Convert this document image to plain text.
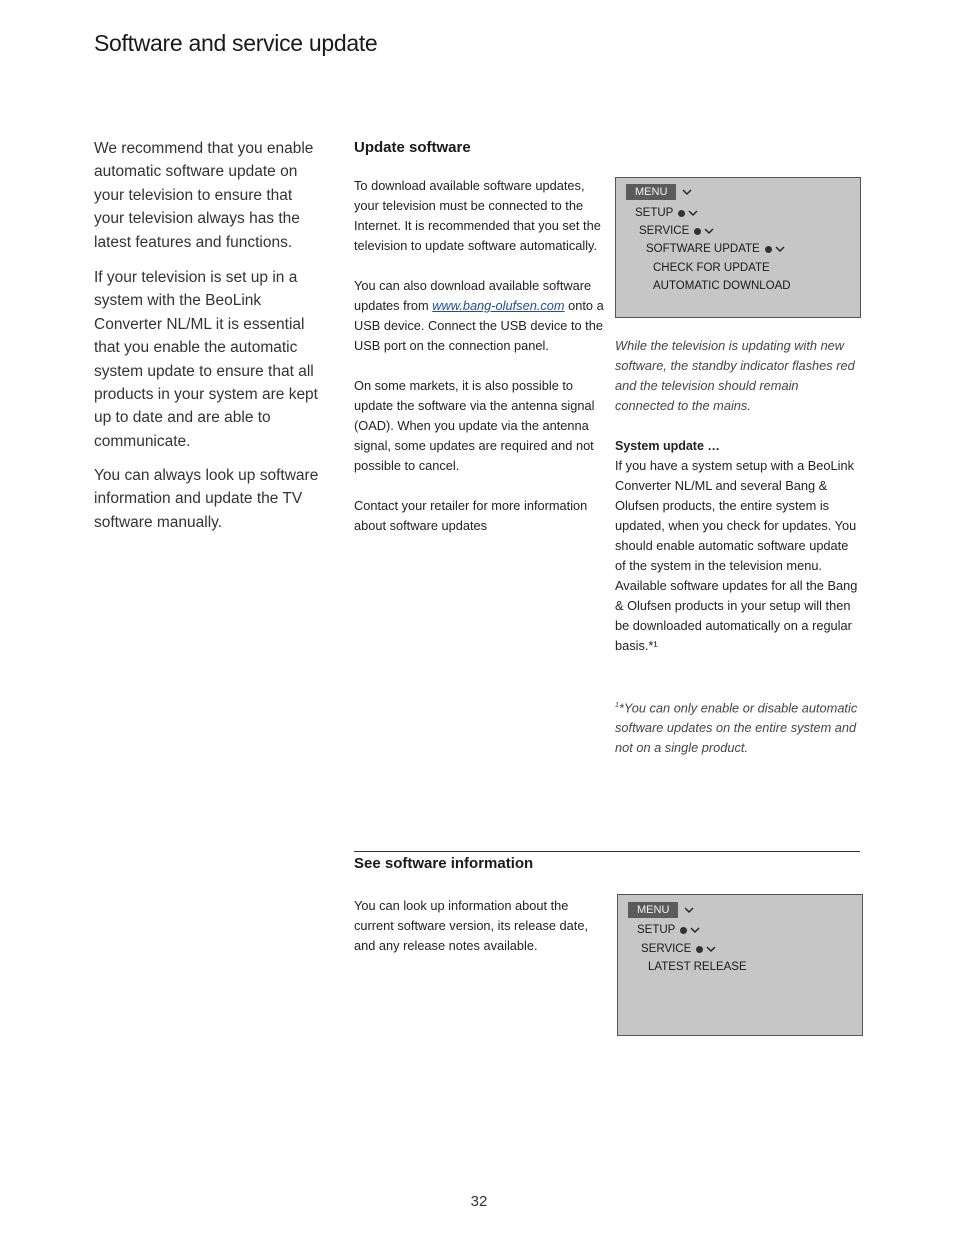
Software and service update

We recommend that you enable automatic software update on your television to ensure that your television always has the latest features and functions.

If your television is set up in a system with the BeoLink Converter NL/ML it is essential that you enable the automatic system update to ensure that all products in your system are kept up to date and are able to communicate.

You can always look up software information and update the TV software manually.

Update software

To download available software updates, your television must be connected to the Internet. It is recommended that you set the television to update software automatically.

You can also download available software updates from www.bang-olufsen.com onto a USB device. Connect the USB device to the USB port on the connection panel.

On some markets, it is also possible to update the software via the antenna signal (OAD). When you update via the antenna signal, some updates are required and not possible to cancel.

Contact your retailer for more information about software updates

MENU
SETUP
SERVICE
SOFTWARE UPDATE
CHECK FOR UPDATE
AUTOMATIC DOWNLOAD
While the television is updating with new software, the standby indicator flashes red and the television should remain connected to the mains.
System update …
If you have a system setup with a BeoLink Converter NL/ML and several Bang & Olufsen products, the entire system is updated, when you check for updates. You should enable automatic software update of the system in the television menu. Available software updates for all the Bang & Olufsen products in your setup will then be downloaded automatically on a regular basis.*¹
$^1$*You can only enable or disable automatic software updates on the entire system and not on a single product.
See software information
You can look up information about the current software version, its release date, and any release notes available.
MENU
SETUP
SERVICE
LATEST RELEASE
32
